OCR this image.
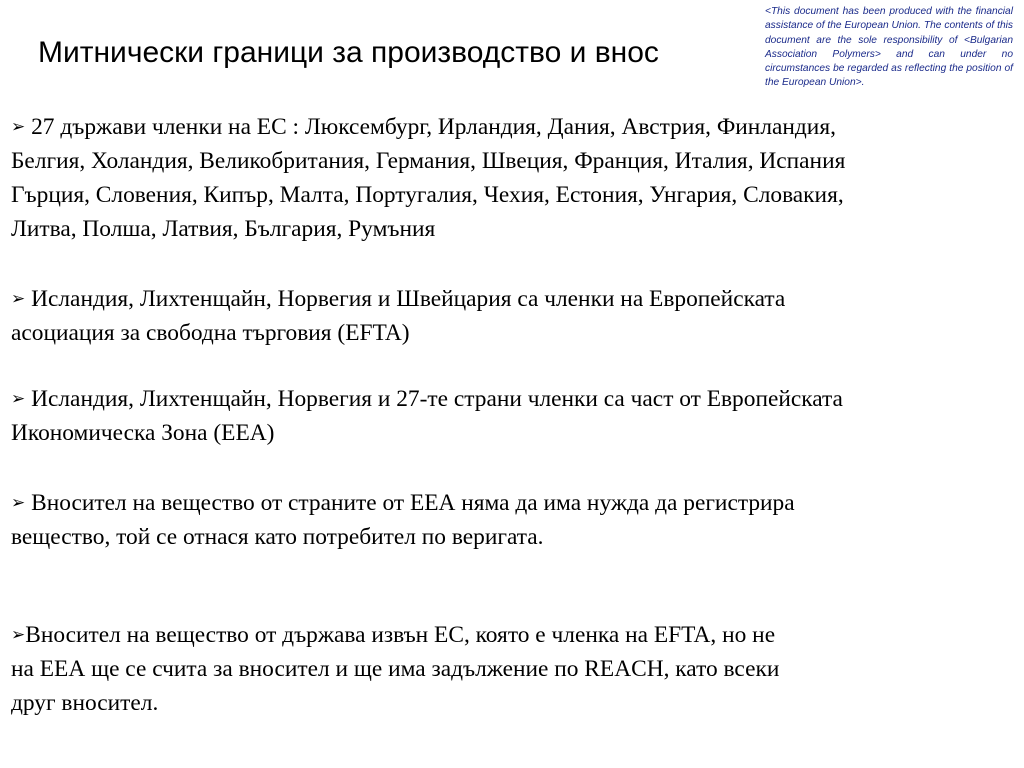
Митнически граници за производство и внос
<This document has been produced with the financial assistance of the European Union. The contents of this document are the sole responsibility of <Bulgarian Association Polymers> and can under no circumstances be regarded as reflecting the position of the European Union>.
➢ 27 държави членки на ЕС : Люксембург, Ирландия, Дания, Австрия, Финландия,
Белгия, Холандия, Великобритания, Германия, Швеция, Франция, Италия, Испания
Гърция, Словения, Кипър, Малта, Португалия, Чехия, Естония, Унгария, Словакия,
Литва, Полша, Латвия, България, Румъния
➢ Исландия, Лихтенщайн, Норвегия и Швейцария са членки на Европейската
асоциация за свободна търговия (EFTA)
➢ Исландия, Лихтенщайн, Норвегия и 27-те страни членки са част от Европейската
Икономическа Зона (ЕЕА)
➢ Вносител на вещество от страните от ЕЕА няма да има нужда да регистрира
вещество, той се отнася като потребител по веригата.
➢Вносител на вещество от държава извън ЕС, която е членка на EFTA, но не
на ЕЕА ще се счита за вносител и ще има задължение по REACH, като всеки
друг вносител.
